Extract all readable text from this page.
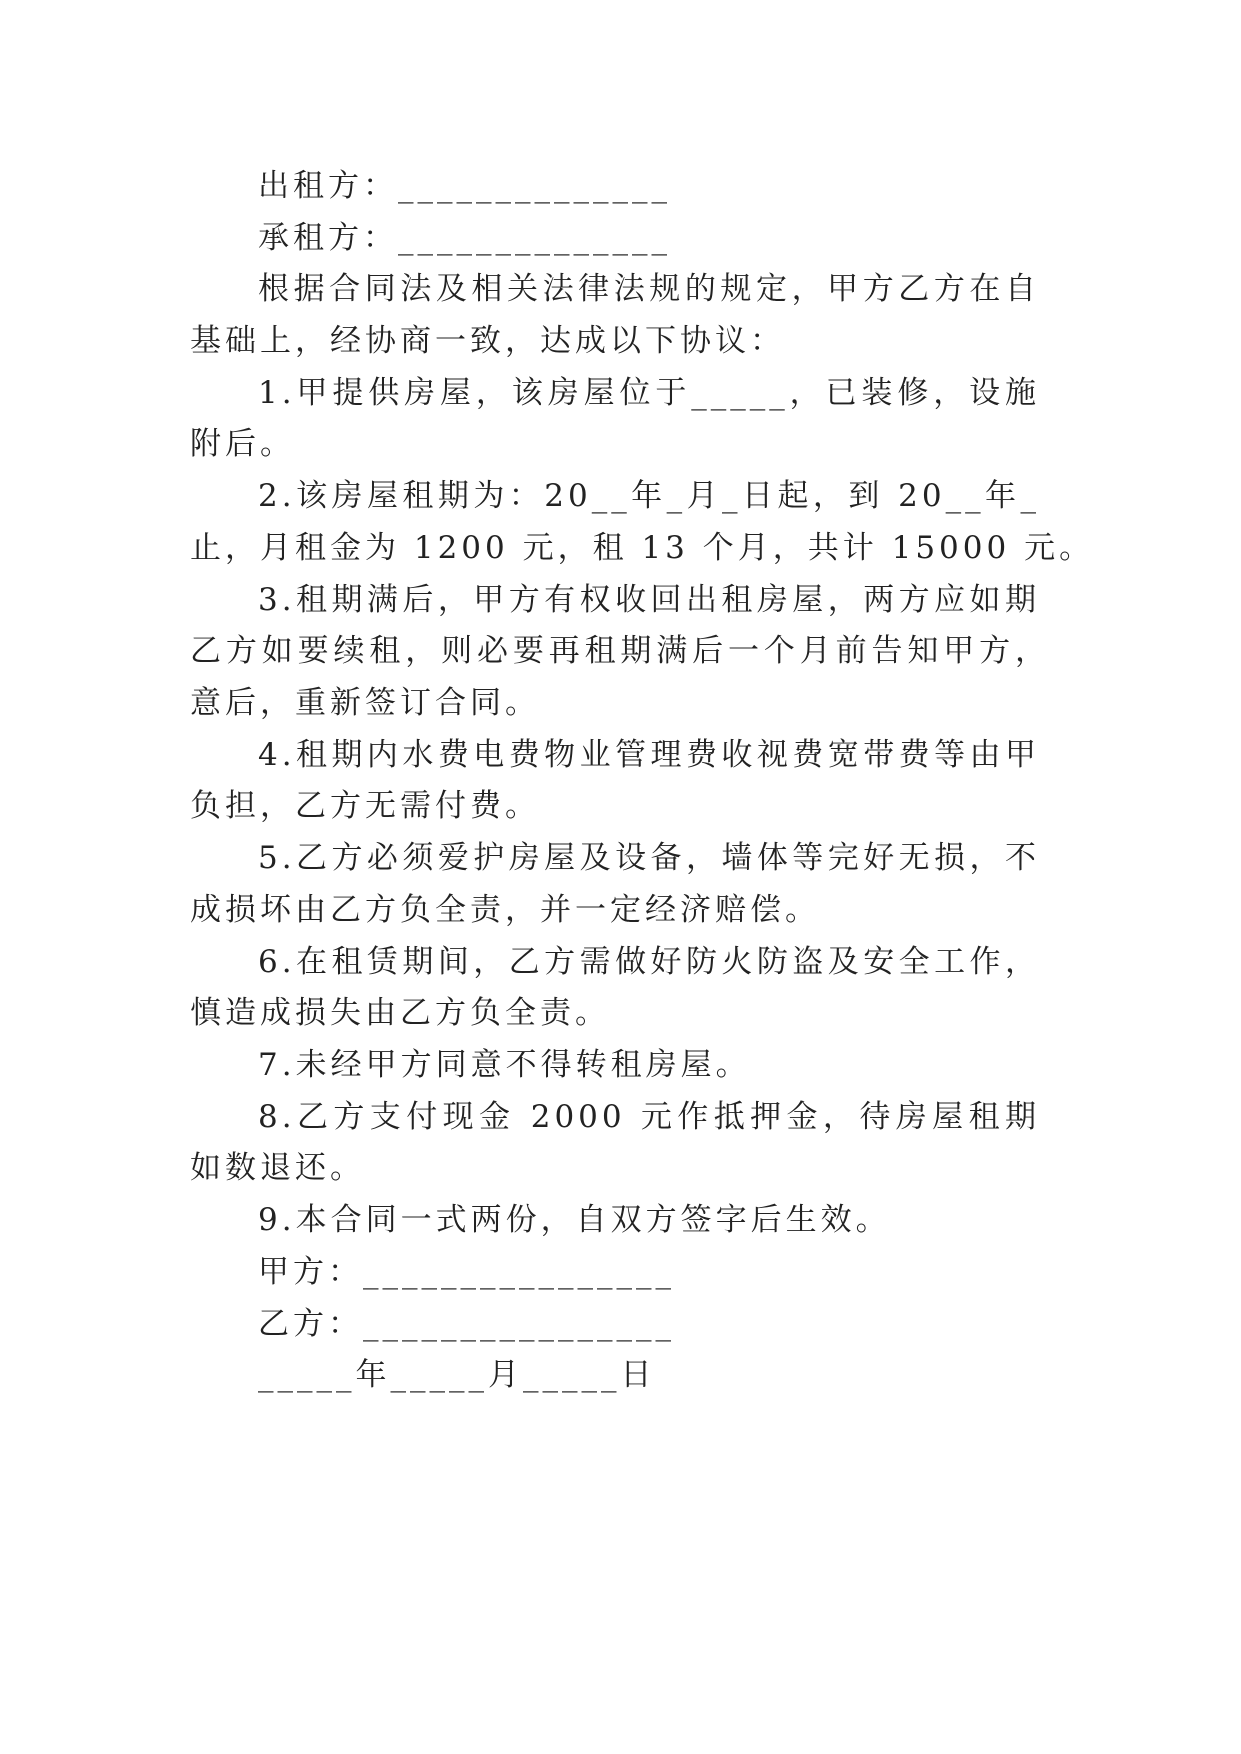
出租方：______________
承租方：______________
根据合同法及相关法律法规的规定，甲方乙方在自
基础上，经协商一致，达成以下协议：
1.甲提供房屋，该房屋位于_____，已装修，设施
附后。
2.该房屋租期为：20__年_月_日起，到 20__年_
止，月租金为 1200 元，租 13 个月，共计 15000 元。
3.租期满后，甲方有权收回出租房屋，两方应如期
乙方如要续租，则必要再租期满后一个月前告知甲方，
意后，重新签订合同。
4.租期内水费电费物业管理费收视费宽带费等由甲
负担，乙方无需付费。
5.乙方必须爱护房屋及设备，墙体等完好无损，不
成损坏由乙方负全责，并一定经济赔偿。
6.在租赁期间，乙方需做好防火防盗及安全工作，
慎造成损失由乙方负全责。
7.未经甲方同意不得转租房屋。
8.乙方支付现金 2000 元作抵押金，待房屋租期
如数退还。
9.本合同一式两份，自双方签字后生效。
甲方：________________
乙方：________________
_____年_____月_____日
